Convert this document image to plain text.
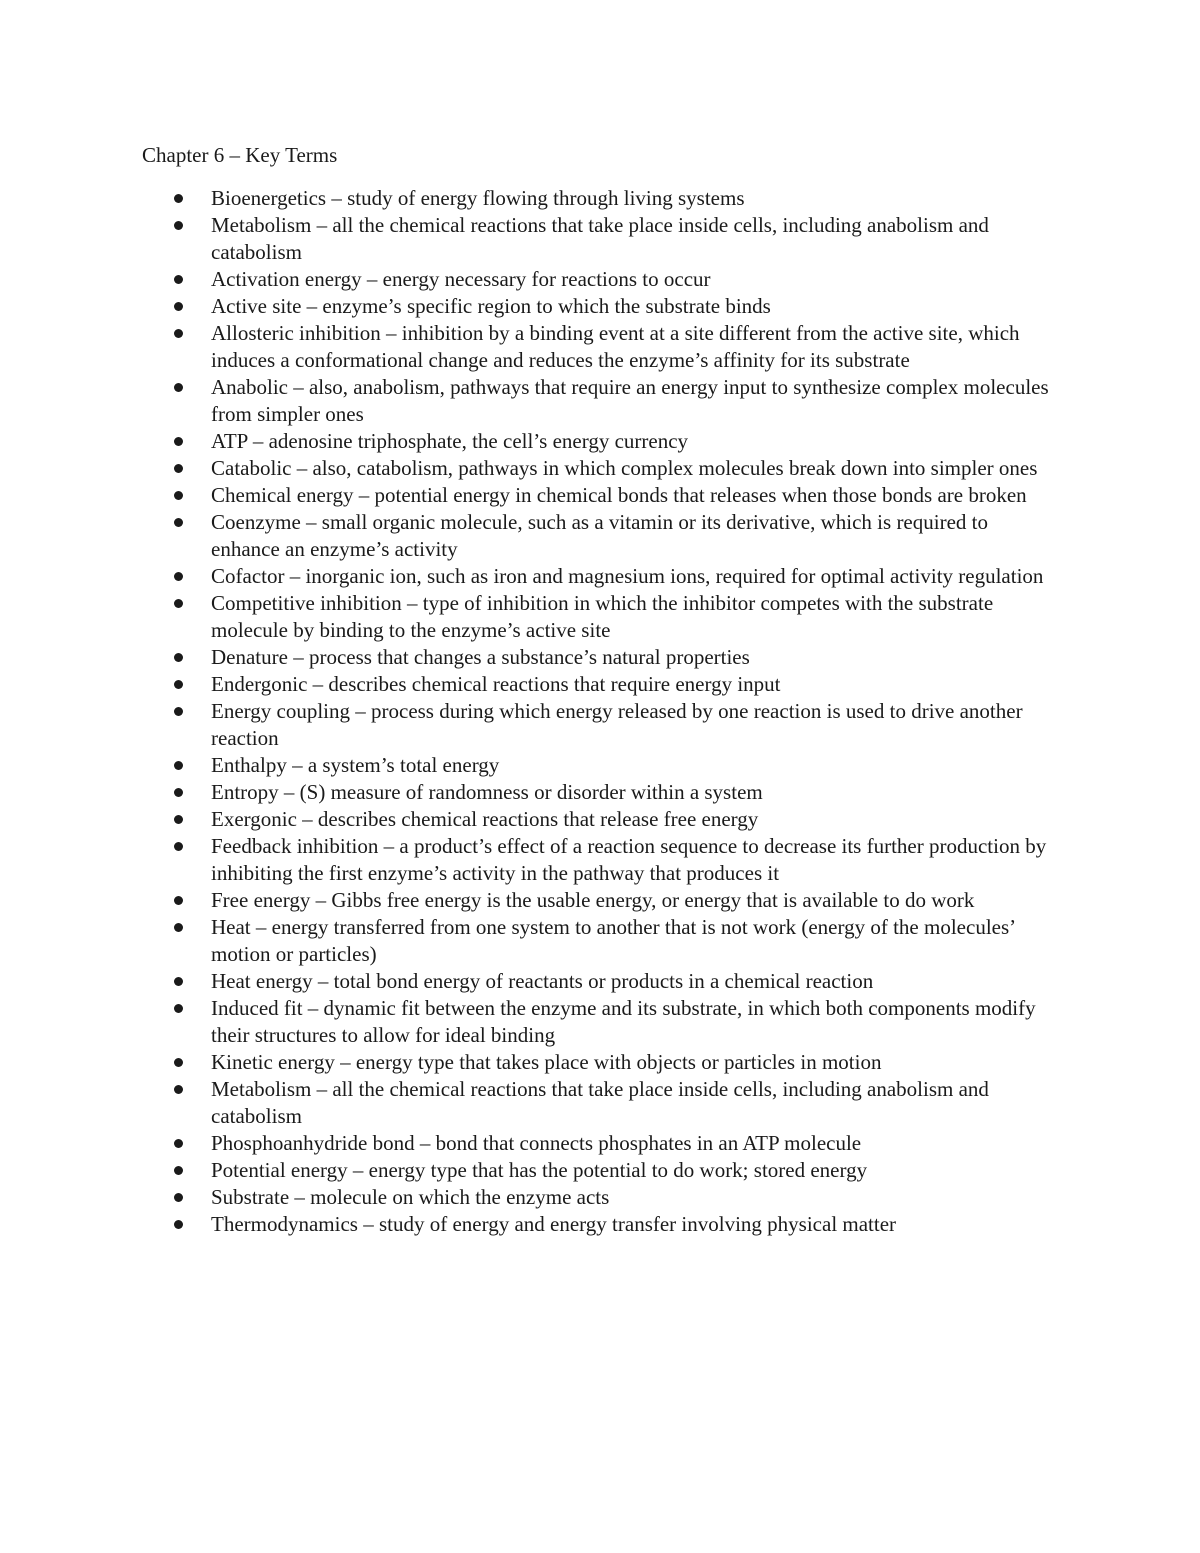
Chapter 6 – Key Terms
Bioenergetics – study of energy flowing through living systems
Metabolism – all the chemical reactions that take place inside cells, including anabolism and catabolism
Activation energy – energy necessary for reactions to occur
Active site – enzyme’s specific region to which the substrate binds
Allosteric inhibition – inhibition by a binding event at a site different from the active site, which induces a conformational change and reduces the enzyme’s affinity for its substrate
Anabolic – also, anabolism, pathways that require an energy input to synthesize complex molecules from simpler ones
ATP – adenosine triphosphate, the cell’s energy currency
Catabolic – also, catabolism, pathways in which complex molecules break down into simpler ones
Chemical energy – potential energy in chemical bonds that releases when those bonds are broken
Coenzyme – small organic molecule, such as a vitamin or its derivative, which is required to enhance an enzyme’s activity
Cofactor – inorganic ion, such as iron and magnesium ions, required for optimal activity regulation
Competitive inhibition – type of inhibition in which the inhibitor competes with the substrate molecule by binding to the enzyme’s active site
Denature – process that changes a substance’s natural properties
Endergonic – describes chemical reactions that require energy input
Energy coupling – process during which energy released by one reaction is used to drive another reaction
Enthalpy – a system’s total energy
Entropy – (S) measure of randomness or disorder within a system
Exergonic – describes chemical reactions that release free energy
Feedback inhibition – a product’s effect of a reaction sequence to decrease its further production by inhibiting the first enzyme’s activity in the pathway that produces it
Free energy – Gibbs free energy is the usable energy, or energy that is available to do work
Heat – energy transferred from one system to another that is not work (energy of the molecules’ motion or particles)
Heat energy – total bond energy of reactants or products in a chemical reaction
Induced fit – dynamic fit between the enzyme and its substrate, in which both components modify their structures to allow for ideal binding
Kinetic energy – energy type that takes place with objects or particles in motion
Metabolism – all the chemical reactions that take place inside cells, including anabolism and catabolism
Phosphoanhydride bond – bond that connects phosphates in an ATP molecule
Potential energy – energy type that has the potential to do work; stored energy
Substrate – molecule on which the enzyme acts
Thermodynamics – study of energy and energy transfer involving physical matter
